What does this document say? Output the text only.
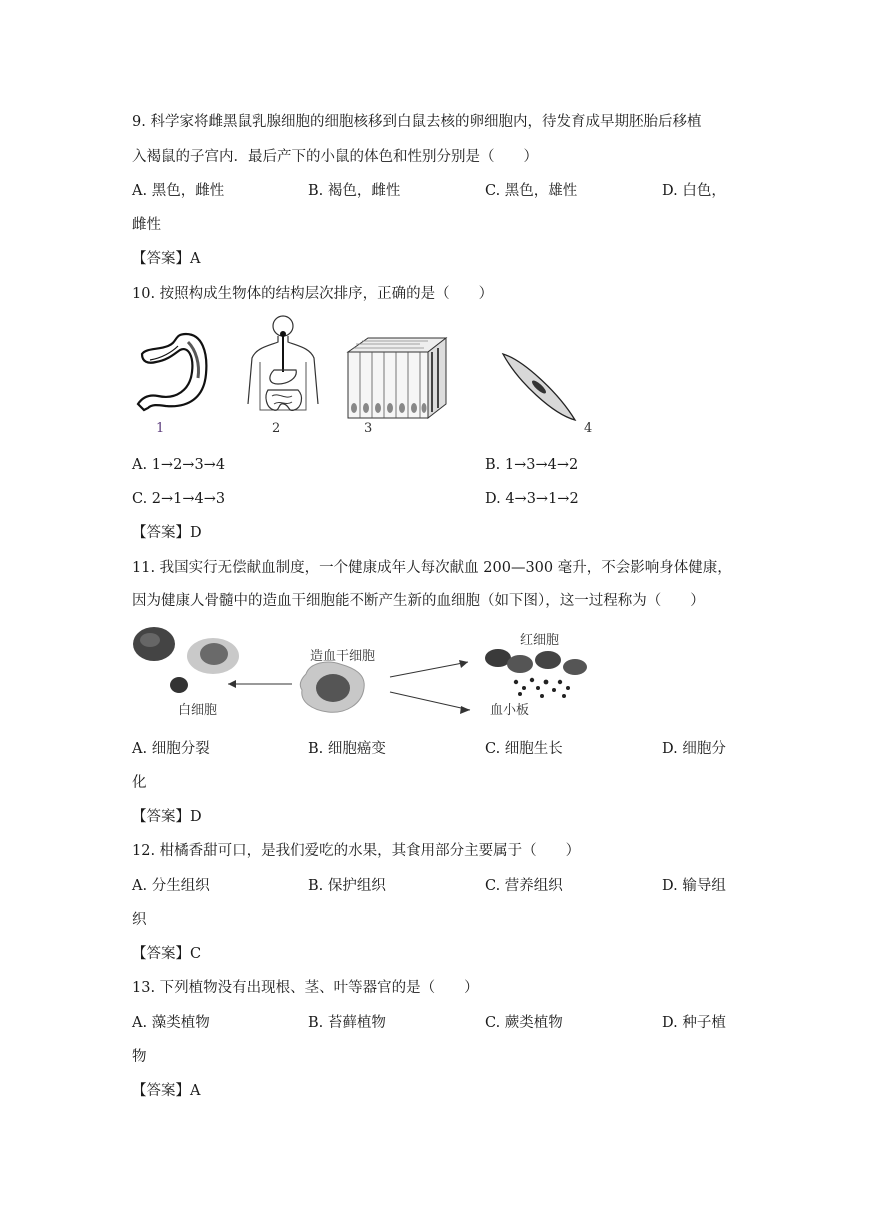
9. 科学家将雌黑鼠乳腺细胞的细胞核移到白鼠去核的卵细胞内，待发育成早期胚胎后移植
入褐鼠的子宫内．最后产下的小鼠的体色和性别分别是（　　）
A. 黑色，雌性	B. 褐色，雌性	C. 黑色，雄性	D. 白色，
雌性
【答案】A
10. 按照构成生物体的结构层次排序，正确的是（　　）
1	2	3	4
A. 1→2→3→4	B. 1→3→4→2
C. 2→1→4→3	D. 4→3→1→2
【答案】D
11. 我国实行无偿献血制度，一个健康成年人每次献血 200—300 毫升，不会影响身体健康，
因为健康人骨髓中的造血干细胞能不断产生新的血细胞（如下图），这一过程称为（　　）
白细胞
造血干细胞
红细胞
血小板
A. 细胞分裂	B. 细胞癌变	C. 细胞生长	D. 细胞分
化
【答案】D
12. 柑橘香甜可口，是我们爱吃的水果，其食用部分主要属于（　　）
A. 分生组织	B. 保护组织	C. 营养组织	D. 输导组
织
【答案】C
13. 下列植物没有出现根、茎、叶等器官的是（　　）
A. 藻类植物	B. 苔藓植物	C. 蕨类植物	D. 种子植
物
【答案】A
